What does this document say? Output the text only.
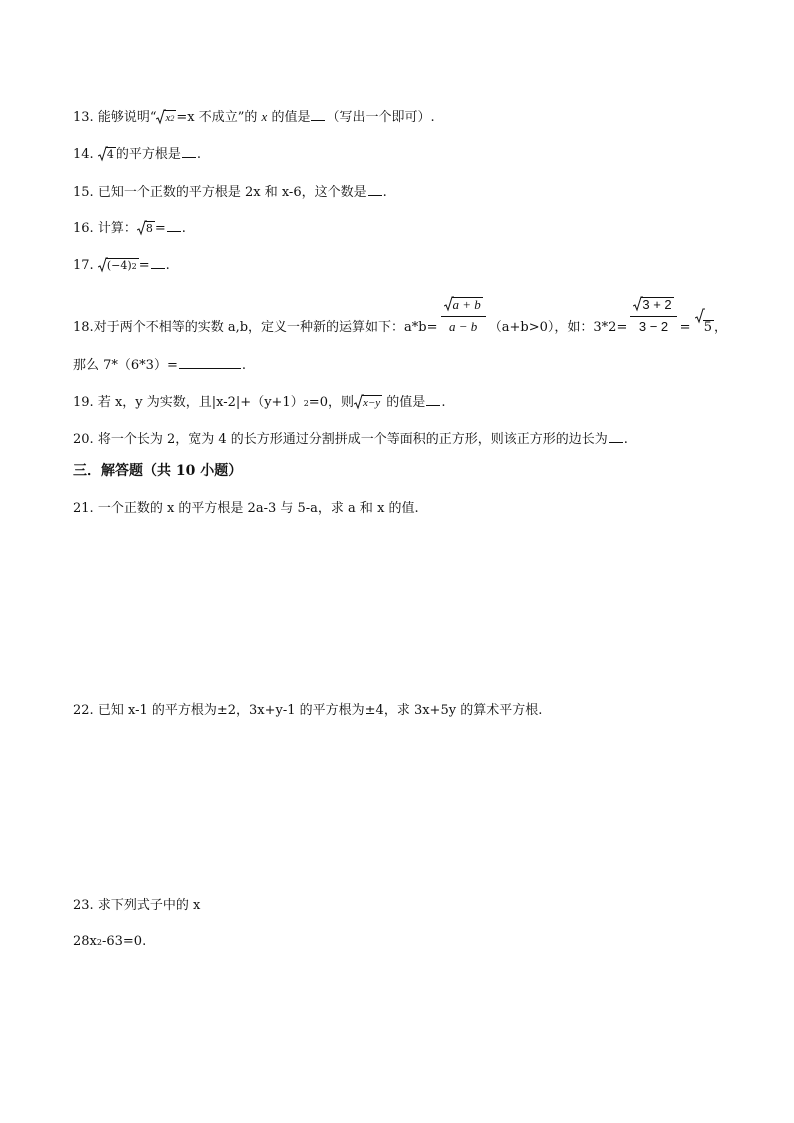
13. 能够说明“ x2 =x 不成立”的 x 的值是 （写出一个即可）.
14. 4 的平方根是 .
15. 已知一个正数的平方根是 2x 和 x-6，这个数是 .
16. 计算： 8 = .
17. (−4)2 = .
18.对于两个不相等的实数 a,b，定义一种新的运算如下：$a*b= \frac{a + b}{a - b} (a+b>0)$，如：$3*2= \frac{3 + 2}{3 - 2} = 5$ ，
那么 7*（6*3）=	.
19. 若 x，y 为实数，且|x-2|+（y+1）2=0，则 x−y 的值是 .
20. 将一个长为 2，宽为 4 的长方形通过分割拼成一个等面积的正方形，则该正方形的边长为 .
三．解答题（共 10 小题）
21. 一个正数的 x 的平方根是 2a-3 与 5-a，求 a 和 x 的值.
22. 已知 x-1 的平方根为±2，3x+y-1 的平方根为±4，求 3x+5y 的算术平方根.
23. 求下列式子中的 x
28x2-63=0.
